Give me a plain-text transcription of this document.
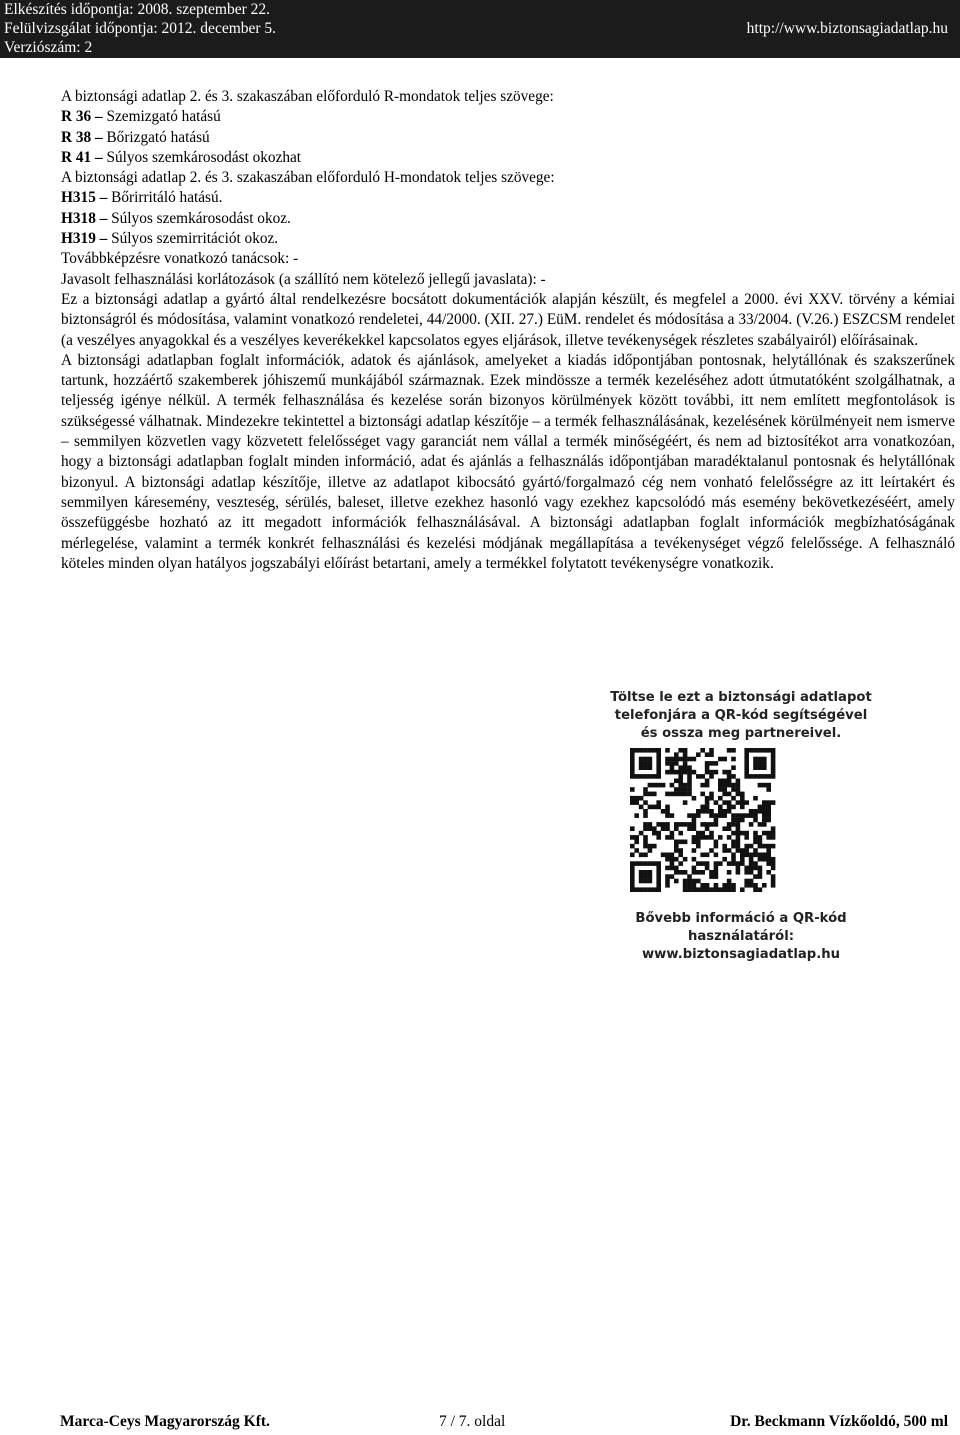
Elkészítés időpontja: 2008. szeptember 22.
Felülvizsgálat időpontja: 2012. december 5.
Verziószám: 2
http://www.biztonsagiadatlap.hu
A biztonsági adatlap 2. és 3. szakaszában előforduló R-mondatok teljes szövege:
R 36 – Szemizgató hatású
R 38 – Bőrizgató hatású
R 41 – Súlyos szemkárosodást okozhat
A biztonsági adatlap 2. és 3. szakaszában előforduló H-mondatok teljes szövege:
H315 – Bőrirritáló hatású.
H318 – Súlyos szemkárosodást okoz.
H319 – Súlyos szemirritációt okoz.
Továbbképzésre vonatkozó tanácsok: -
Javasolt felhasználási korlátozások (a szállító nem kötelező jellegű javaslata): -
Ez a biztonsági adatlap a gyártó által rendelkezésre bocsátott dokumentációk alapján készült, és megfelel a 2000. évi XXV. törvény a kémiai biztonságról és módosítása, valamint vonatkozó rendeletei, 44/2000. (XII. 27.) EüM. rendelet és módosítása a 33/2004. (V.26.) ESZCSM rendelet (a veszélyes anyagokkal és a veszélyes keverékekkel kapcsolatos egyes eljárások, illetve tevékenységek részletes szabályairól) előírásainak.
A biztonsági adatlapban foglalt információk, adatok és ajánlások, amelyeket a kiadás időpontjában pontosnak, helytállónak és szakszerűnek tartunk, hozzáértő szakemberek jóhiszemű munkájából származnak. Ezek mindössze a termék kezeléséhez adott útmutatóként szolgálhatnak, a teljesség igénye nélkül. A termék felhasználása és kezelése során bizonyos körülmények között további, itt nem említett megfontolások is szükségessé válhatnak. Mindezekre tekintettel a biztonsági adatlap készítője – a termék felhasználásának, kezelésének körülményeit nem ismerve – semmilyen közvetlen vagy közvetett felelősséget vagy garanciát nem vállal a termék minőségéért, és nem ad biztosítékot arra vonatkozóan, hogy a biztonsági adatlapban foglalt minden információ, adat és ajánlás a felhasználás időpontjában maradéktalanul pontosnak és helytállónak bizonyul. A biztonsági adatlap készítője, illetve az adatlapot kibocsátó gyártó/forgalmazó cég nem vonható felelősségre az itt leírtakért és semmilyen káresemény, veszteség, sérülés, baleset, illetve ezekhez hasonló vagy ezekhez kapcsolódó más esemény bekövetkezéséért, amely összefüggésbe hozható az itt megadott információk felhasználásával. A biztonsági adatlapban foglalt információk megbízhatóságának mérlegelése, valamint a termék konkrét felhasználási és kezelési módjának megállapítása a tevékenységet végző felelőssége. A felhasználó köteles minden olyan hatályos jogszabályi előírást betartani, amely a termékkel folytatott tevékenységre vonatkozik.
Töltse le ezt a biztonsági adatlapot
telefonjára a QR-kód segítségével
és ossza meg partnereivel.
Bővebb információ a QR-kód
használatáról:
www.biztonsagiadatlap.hu
Marca-Ceys Magyarország Kft.	7 / 7. oldal	Dr. Beckmann Vízkőoldó, 500 ml
